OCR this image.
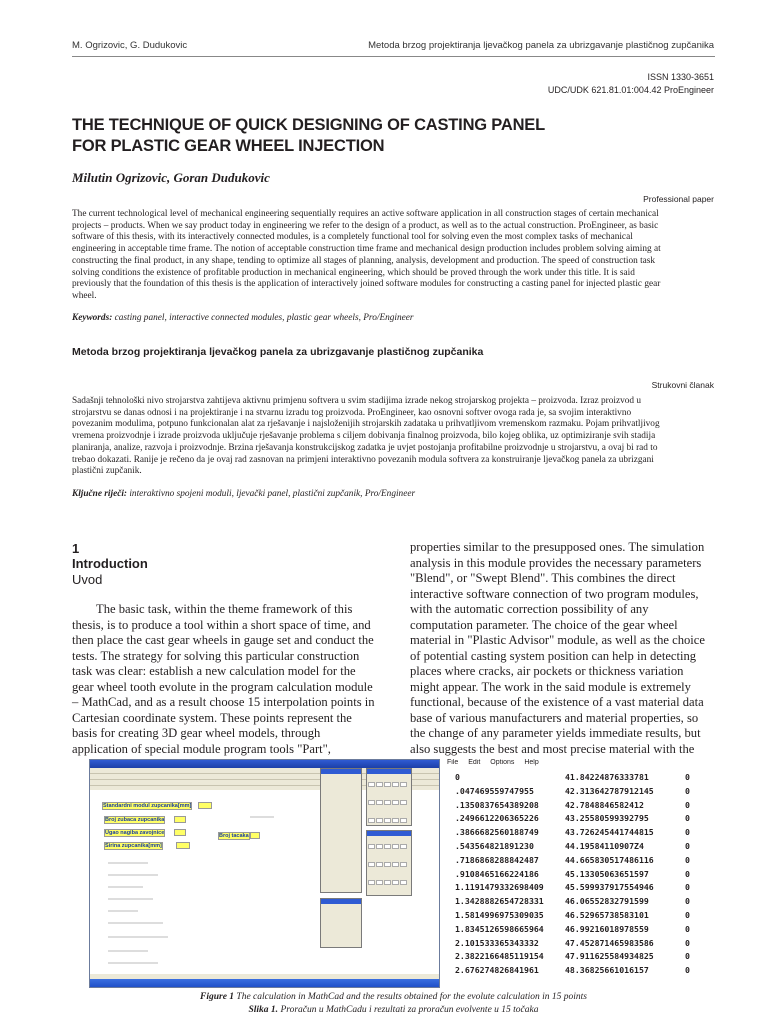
M. Ogrizovic, G. Dudukovic	Metoda brzog projektiranja ljevačkog panela za ubrizgavanje plastičnog zupčanika
ISSN 1330-3651
UDC/UDK 621.81.01:004.42 ProEngineer
THE TECHNIQUE OF QUICK DESIGNING OF CASTING PANEL
FOR PLASTIC GEAR WHEEL INJECTION
Milutin Ogrizovic, Goran Dudukovic
Professional paper
The current technological level of mechanical engineering sequentially requires an active software application in all construction stages of certain mechanical
projects – products. When we say product today in engineering we refer to the design of a product, as well as to the actual construction. ProEngineer, as basic
software of this thesis, with its interactively connected modules, is a completely functional tool for solving even the most complex tasks of mechanical
engineering in acceptable time frame. The notion of acceptable construction time frame and mechanical design production includes problem solving aiming at
constructing the final product, in any shape, tending to optimize all stages of planning, analysis, development and production. The speed of construction task
solving conditions the existence of profitable production in mechanical engineering, which should be proved through the work under this title. It is said
previously that the foundation of this thesis is the application of interactively joined software modules for constructing a casting panel for injected plastic gear
wheel.
Keywords: casting panel, interactive connected modules, plastic gear wheels, Pro/Engineer
Metoda brzog projektiranja ljevačkog panela za ubrizgavanje plastičnog zupčanika
Strukovni članak
Sadašnji tehnološki nivo strojarstva zahtijeva aktivnu primjenu softvera u svim stadijima izrade nekog strojarskog projekta – proizvoda. Izraz proizvod u
strojarstvu se danas odnosi i na projektiranje i na stvarnu izradu tog proizvoda. ProEngineer, kao osnovni softver ovoga rada je, sa svojim interaktivno
povezanim modulima, potpuno funkcionalan alat za rješavanje i najsloženijih strojarskih zadataka u prihvatljivom vremenskom razmaku. Pojam prihvatljivog
vremena proizvodnje i izrade proizvoda uključuje rješavanje problema s ciljem dobivanja finalnog proizvoda, bilo kojeg oblika, uz optimiziranje svih stadija
planiranja, analize, razvoja i proizvodnje. Brzina rješavanja konstrukcijskog zadatka je uvjet postojanja profitabilne proizvodnje u strojarstvu, a ovaj bi rad to
trebao dokazati. Ranije je rečeno da je ovaj rad zasnovan na primjeni interaktivno povezanih modula softvera za konstruiranje ljevačkog panela za ubrizgani
plastični zupčanik.
Ključne riječi: interaktivno spojeni moduli, ljevački panel, plastični zupčanik, Pro/Engineer
1
Introduction
Uvod
The basic task, within the theme framework of this
thesis, is to produce a tool within a short space of time, and
then place the cast gear wheels in gauge set and conduct the
tests. The strategy for solving this particular construction
task was clear: establish a new calculation model for the
gear wheel tooth evolute in the program calculation module
– MathCad, and as a result choose 15 interpolation points in
Cartesian coordinate system. These points represent the
basis for creating 3D gear wheel models, through
application of special module program tools "Part",
properties similar to the presupposed ones. The simulation
analysis in this module provides the necessary parameters
"Blend", or "Swept Blend". This combines the direct
interactive software connection of two program modules,
with the automatic correction possibility of any
computation parameter. The choice of the gear wheel
material in "Plastic Advisor" module, as well as the choice
of potential casting system position can help in detecting
places where cracks, air pockets or thickness variation
might appear. The work in the said module is extremely
functional, because of the existence of a vast material data
base of various manufacturers and material properties, so
the change of any parameter yields immediate results, but
also suggests the best and most precise material with the
Standardni modul zupcanika[mm]
Broj zubaca zupcanika
Ugao nagiba zavojnice
Sirina zupcanika[mm]
Broj tacaka
File Edit Options Help
0	41.84224876333781	0
.047469559747955	42.313642787912145	0
.1350837654389208	42.7848846582412	0
.2496612206365226	43.25580599392795	0
.3866682560188749	43.726245441744815	0
.543564821891230	44.19584110907Z4	0
.7186868288842487	44.665830517486116	0
.9108465166224186	45.13305063651597	0
1.1191479332698409	45.599937917554946	0
1.3428882654728331	46.06552832791599	0
1.5814996975309035	46.52965738583101	0
1.8345126598665964	46.99216018978559	0
2.101533365343332	47.452871465983586	0
2.3822166485119154	47.911625584934825	0
2.676274826841961	48.36825661016157	0
Figure 1 The calculation in MathCad and the results obtained for the evolute calculation in 15 points
Slika 1. Proračun u MathCadu i rezultati za proračun evolvente u 15 točaka
